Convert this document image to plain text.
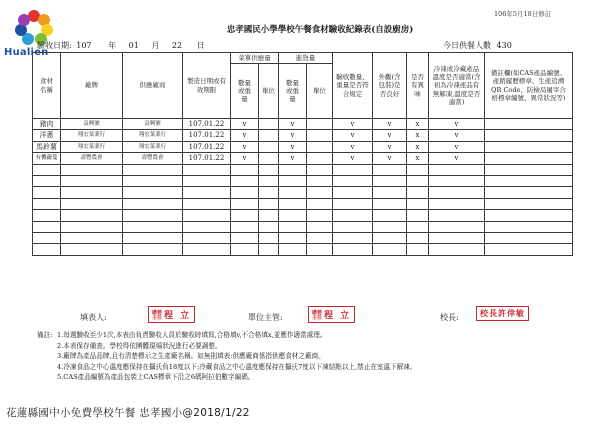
Hualien
106年5月18日修訂
忠孝國民小學學校午餐食材驗收紀錄表(自設廚房)
驗收日期: 107 年 01 月 22 日	今日供餐人數 430
食材名稱	廠牌	供應廠商	製造日期或有效期限	菜單供應量		進貨量		驗收數量、重量是否符合規定	外觀(含包裝)是否良好	是否有異味	冷凍或冷藏產品溫度是否適當(含初為冷凍產品有無解凍,溫度是否適當)	備註欄(如CAS產品編號、產銷履歷標章、生產追溯QR Code、防檢局屠宰合格標章編號、異常狀況等)
				數量或重量	單位	數量或重量	單位					
豬肉	益興號	益興號	107.01.22	v		v		v	v	x	v	
洋蔥	翔宏菜業行	翔宏菜業行	107.01.22	v		v		v	v	x	v	
馬鈴薯	翔宏菜業行	翔宏菜業行	107.01.22	v		v		v	v	x	v	
有機蘿蔓	壽豐農會	壽豐農會	107.01.22	v		v		v	v	x	v	

填表人:
總務主任 程 立	單位主管:
總務主任 程 立	校長:	校長許倖敏
備註: 1.每週驗收至少1次,本表由負責驗收人員於驗收時填寫,合格填v,不合格填x,並應作適當處理。
2.本表保存備查。學校得依團體現場狀況進行必要調整。
3.廠牌為產品品牌,且有清楚標示之生產廠名稱。如無則填表:供應廠商係指供應食材之廠商。
4.冷凍食品之中心溫度應保持在攝氏負18度以下;冷藏食品之中心溫度應保持在攝氏7度以下凍結點以上,禁止在室溫下解凍。
5.CAS產品編號為產品包裝上CAS標章下沿之6碼阿拉伯數字編碼。
花蓮縣國中小免費學校午餐 忠孝國小@2018/1/22
